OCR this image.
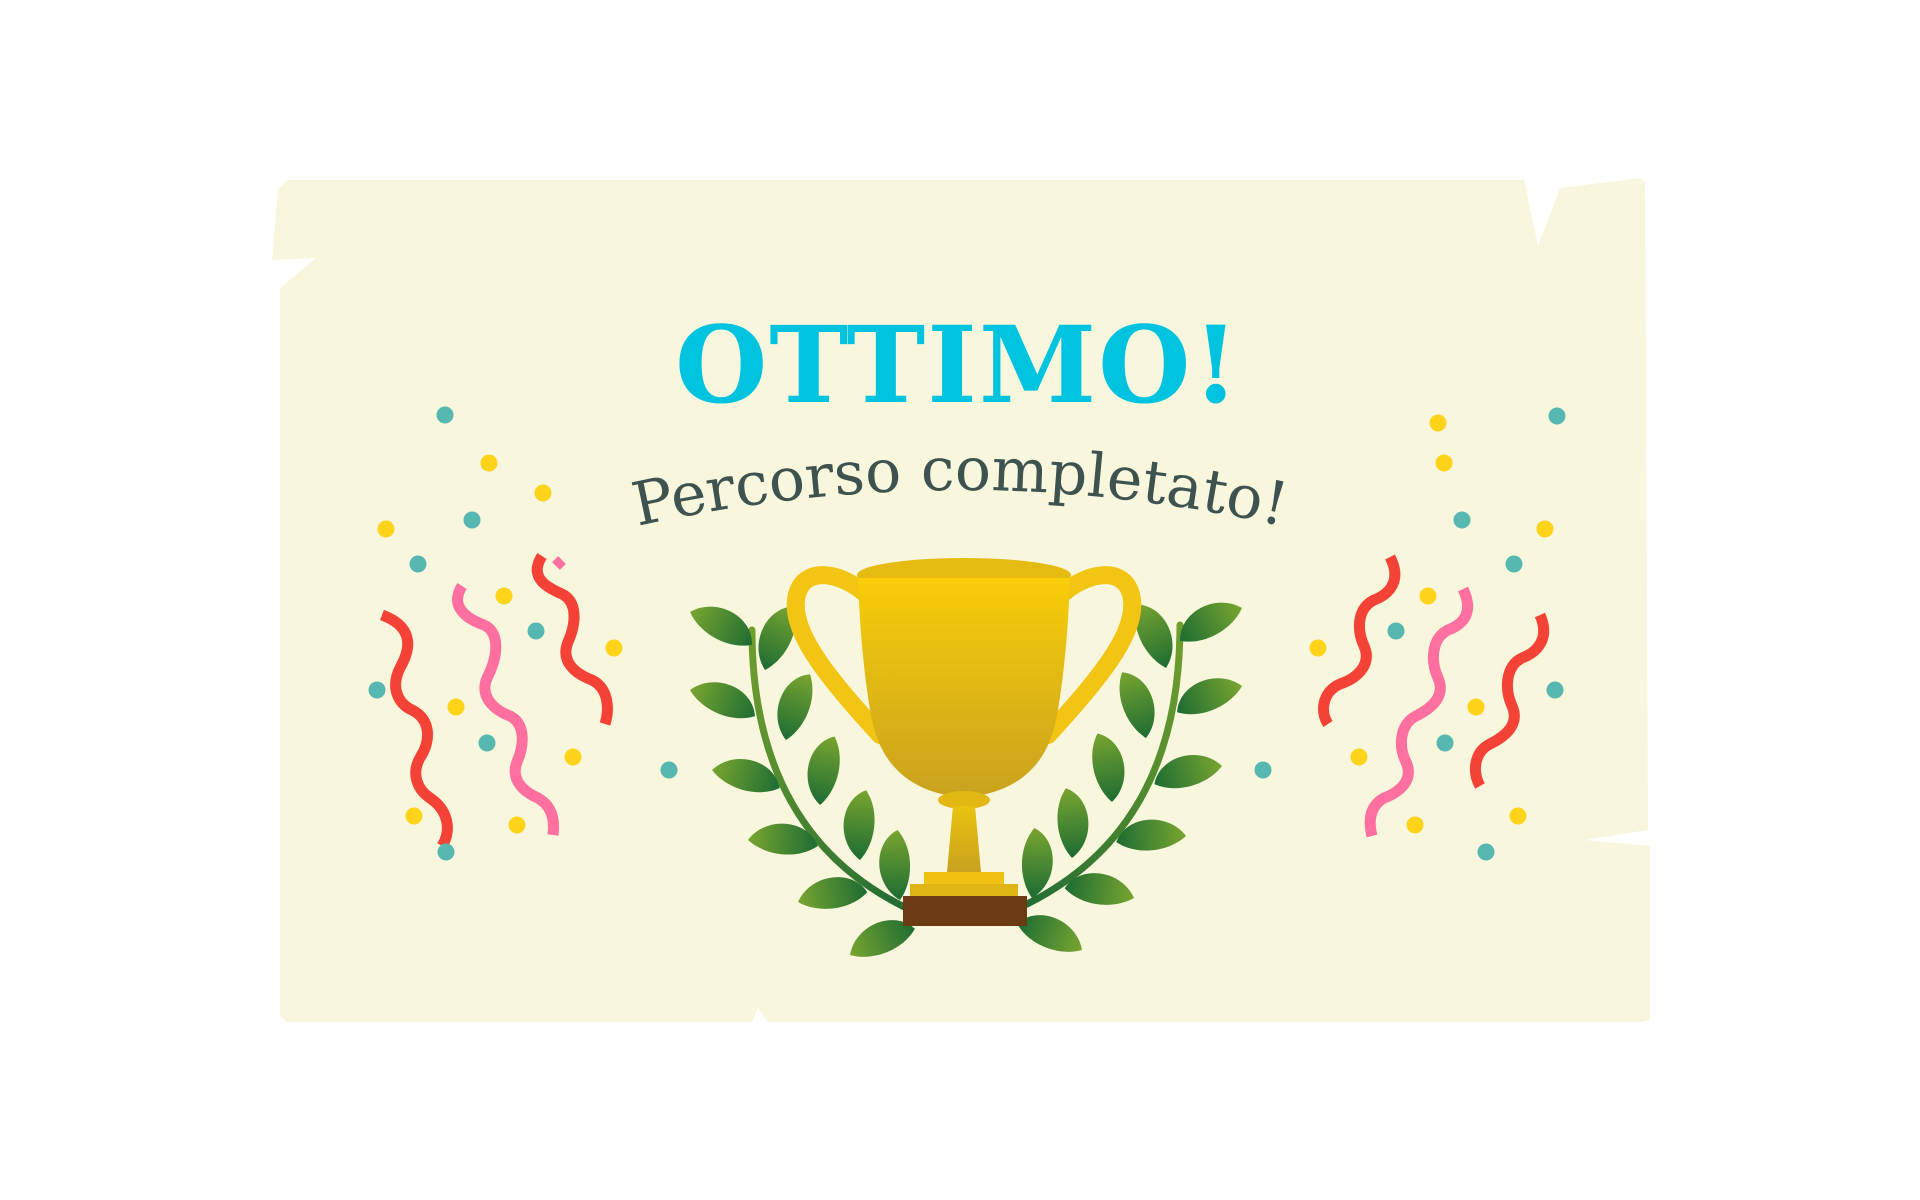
OTTIMO!
Percorso completato!
